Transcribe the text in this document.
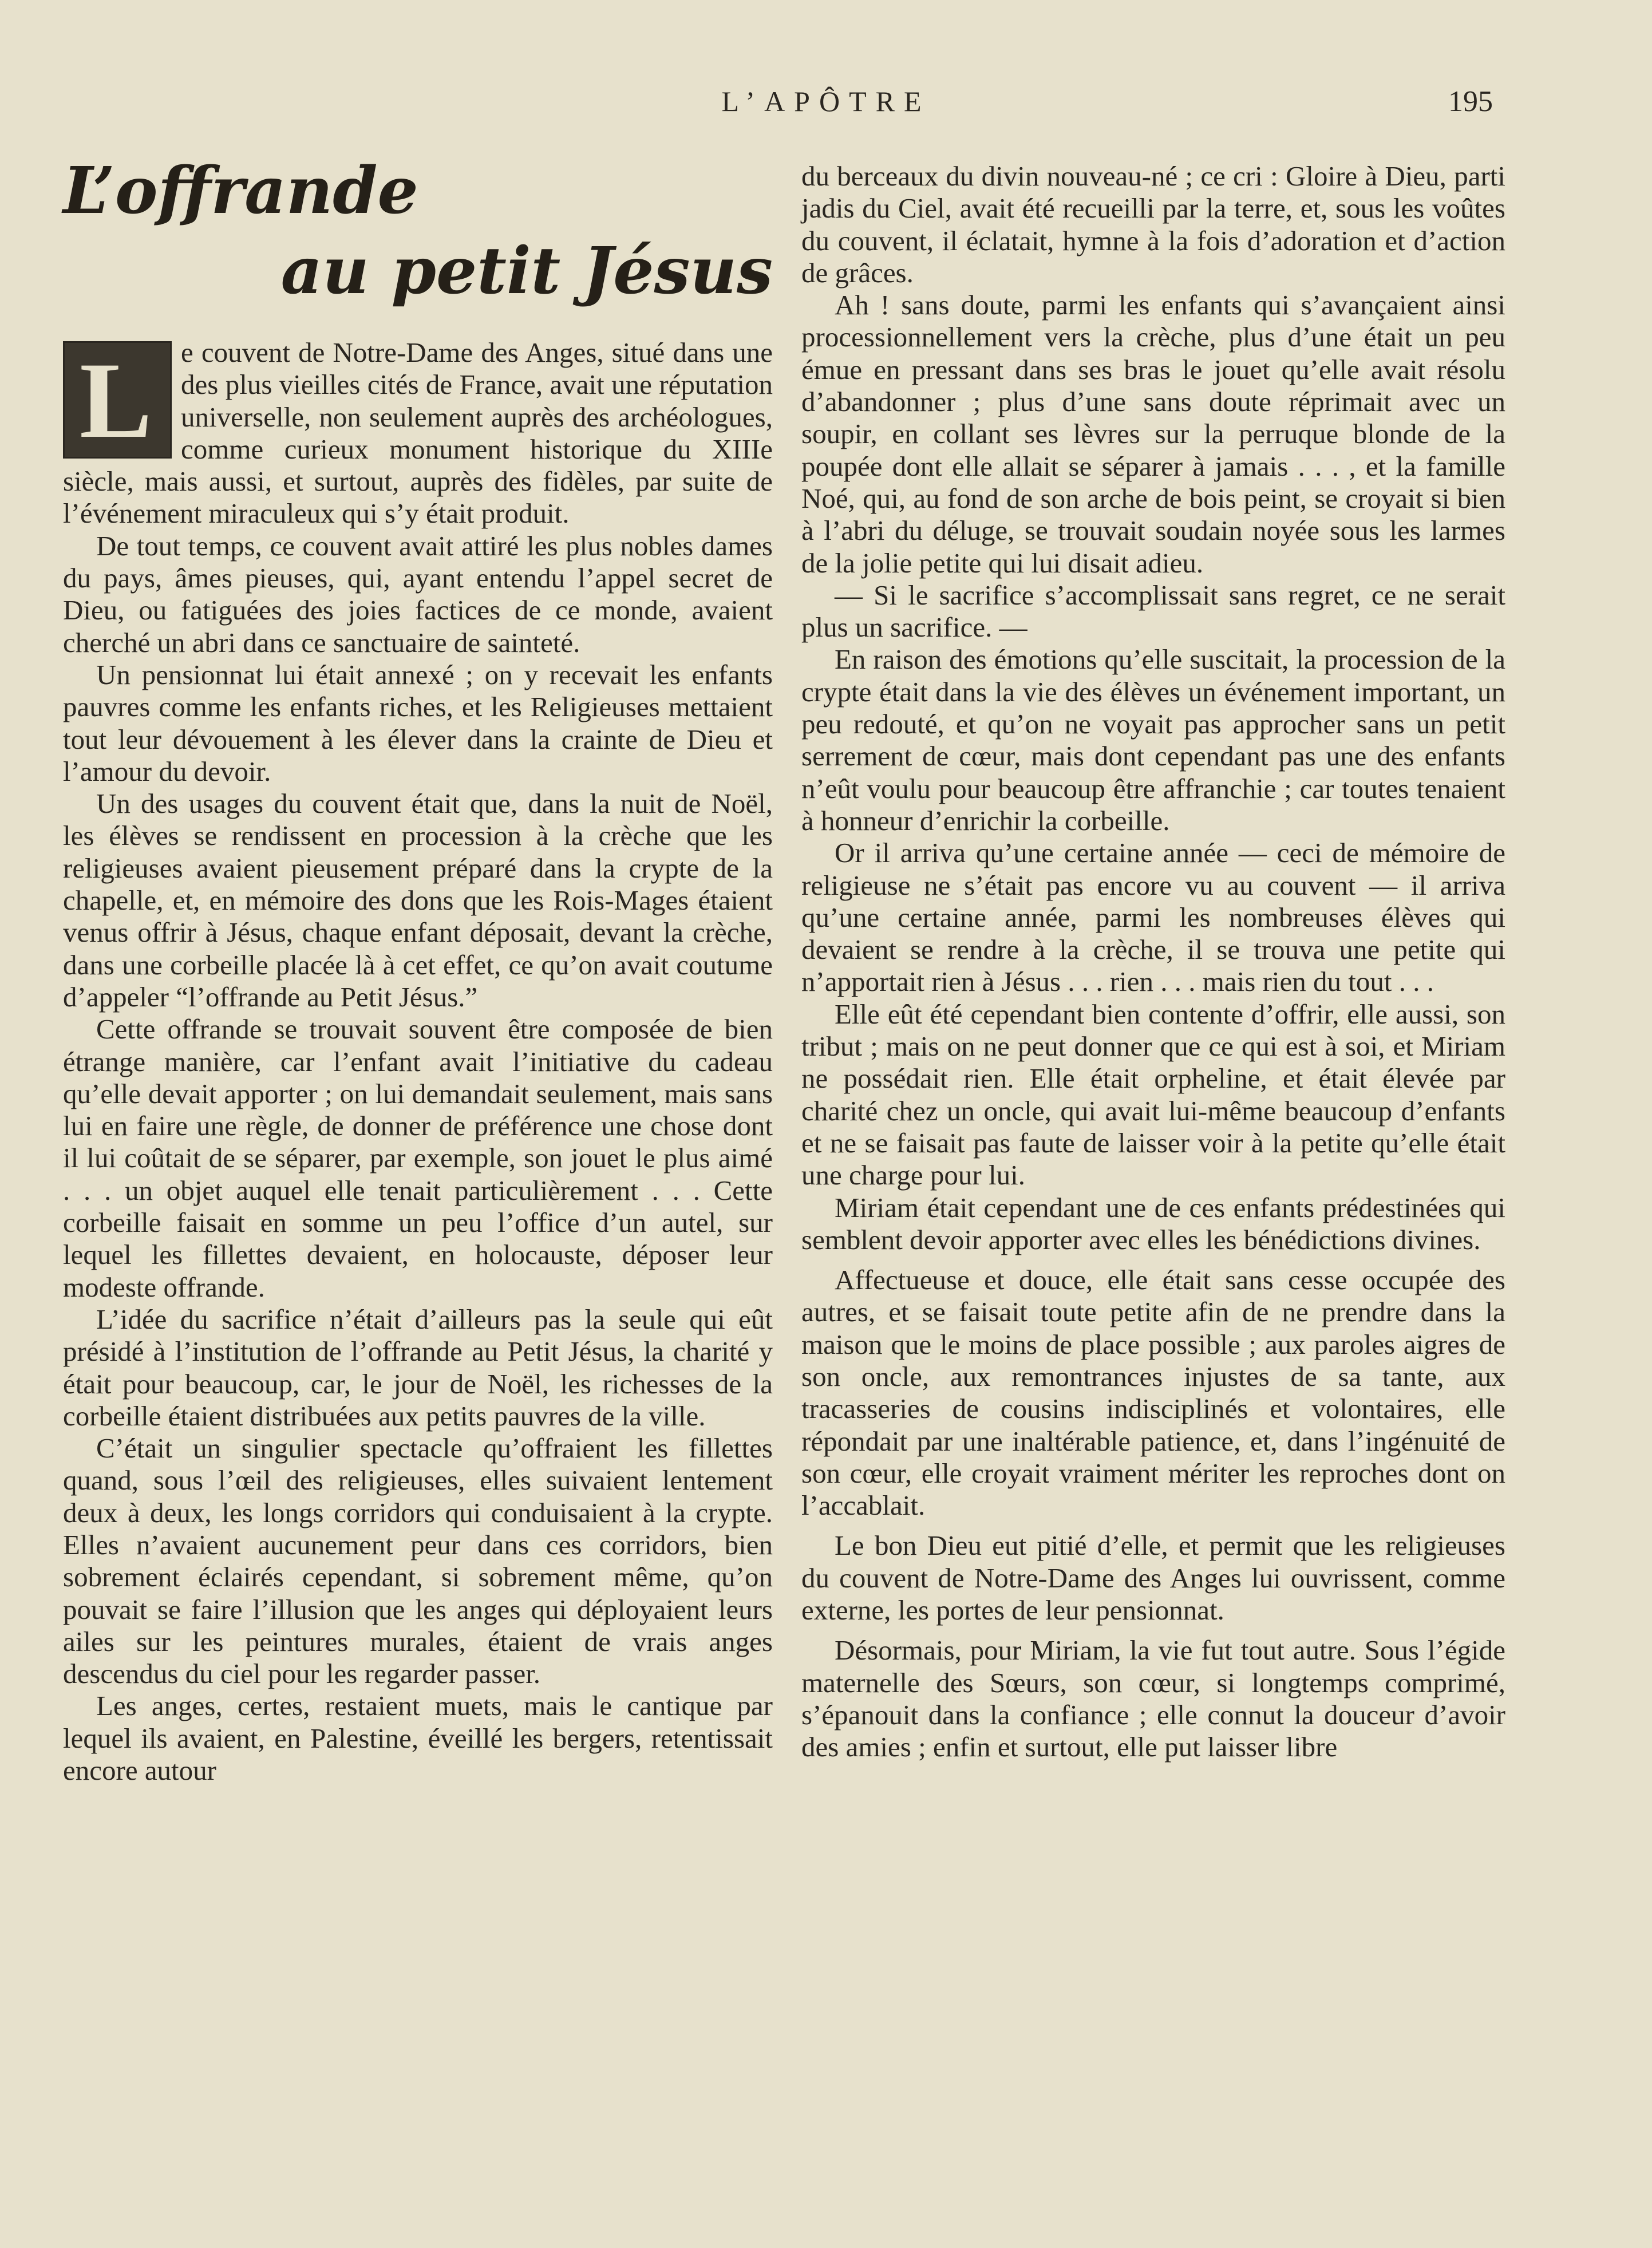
L’APÔTRE	195
L’offrande
au petit Jésus

L e couvent de Notre-Dame des Anges, situé dans une des plus vieilles cités de France, avait une réputation universelle, non seulement auprès des archéologues, comme curieux monument historique du XIIIe siècle, mais aussi, et surtout, auprès des fidèles, par suite de l’événement miraculeux qui s’y était produit.

De tout temps, ce couvent avait attiré les plus nobles dames du pays, âmes pieuses, qui, ayant entendu l’appel secret de Dieu, ou fatiguées des joies factices de ce monde, avaient cherché un abri dans ce sanctuaire de sainteté.

Un pensionnat lui était annexé ; on y recevait les enfants pauvres comme les enfants riches, et les Religieuses mettaient tout leur dévouement à les élever dans la crainte de Dieu et l’amour du devoir.

Un des usages du couvent était que, dans la nuit de Noël, les élèves se rendissent en procession à la crèche que les religieuses avaient pieusement préparé dans la crypte de la chapelle, et, en mémoire des dons que les Rois-Mages étaient venus offrir à Jésus, chaque enfant déposait, devant la crèche, dans une corbeille placée là à cet effet, ce qu’on avait coutume d’appeler “l’offrande au Petit Jésus.”

Cette offrande se trouvait souvent être composée de bien étrange manière, car l’enfant avait l’initiative du cadeau qu’elle devait apporter ; on lui demandait seulement, mais sans lui en faire une règle, de donner de préférence une chose dont il lui coûtait de se séparer, par exemple, son jouet le plus aimé . . . un objet auquel elle tenait particulièrement . . . Cette corbeille faisait en somme un peu l’office d’un autel, sur lequel les fillettes devaient, en holocauste, déposer leur modeste offrande.

L’idée du sacrifice n’était d’ailleurs pas la seule qui eût présidé à l’institution de l’offrande au Petit Jésus, la charité y était pour beaucoup, car, le jour de Noël, les richesses de la corbeille étaient distribuées aux petits pauvres de la ville.

C’était un singulier spectacle qu’offraient les fillettes quand, sous l’œil des religieuses, elles suivaient lentement deux à deux, les longs corridors qui conduisaient à la crypte. Elles n’avaient aucunement peur dans ces corridors, bien sobrement éclairés cependant, si sobrement même, qu’on pouvait se faire l’illusion que les anges qui déployaient leurs ailes sur les peintures murales, étaient de vrais anges descendus du ciel pour les regarder passer.

Les anges, certes, restaient muets, mais le cantique par lequel ils avaient, en Palestine, éveillé les bergers, retentissait encore autour

du berceaux du divin nouveau-né ; ce cri : Gloire à Dieu, parti jadis du Ciel, avait été recueilli par la terre, et, sous les voûtes du couvent, il éclatait, hymne à la fois d’adoration et d’action de grâces.

Ah ! sans doute, parmi les enfants qui s’avançaient ainsi processionnellement vers la crèche, plus d’une était un peu émue en pressant dans ses bras le jouet qu’elle avait résolu d’abandonner ; plus d’une sans doute réprimait avec un soupir, en collant ses lèvres sur la perruque blonde de la poupée dont elle allait se séparer à jamais . . . , et la famille Noé, qui, au fond de son arche de bois peint, se croyait si bien à l’abri du déluge, se trouvait soudain noyée sous les larmes de la jolie petite qui lui disait adieu.

— Si le sacrifice s’accomplissait sans regret, ce ne serait plus un sacrifice. —

En raison des émotions qu’elle suscitait, la procession de la crypte était dans la vie des élèves un événement important, un peu redouté, et qu’on ne voyait pas approcher sans un petit serrement de cœur, mais dont cependant pas une des enfants n’eût voulu pour beaucoup être affranchie ; car toutes tenaient à honneur d’enrichir la corbeille.

Or il arriva qu’une certaine année — ceci de mémoire de religieuse ne s’était pas encore vu au couvent — il arriva qu’une certaine année, parmi les nombreuses élèves qui devaient se rendre à la crèche, il se trouva une petite qui n’apportait rien à Jésus . . . rien . . . mais rien du tout . . .

Elle eût été cependant bien contente d’offrir, elle aussi, son tribut ; mais on ne peut donner que ce qui est à soi, et Miriam ne possédait rien. Elle était orpheline, et était élevée par charité chez un oncle, qui avait lui-même beaucoup d’enfants et ne se faisait pas faute de laisser voir à la petite qu’elle était une charge pour lui.

Miriam était cependant une de ces enfants prédestinées qui semblent devoir apporter avec elles les bénédictions divines.

Affectueuse et douce, elle était sans cesse occupée des autres, et se faisait toute petite afin de ne prendre dans la maison que le moins de place possible ; aux paroles aigres de son oncle, aux remontrances injustes de sa tante, aux tracasseries de cousins indisciplinés et volontaires, elle répondait par une inaltérable patience, et, dans l’ingénuité de son cœur, elle croyait vraiment mériter les reproches dont on l’accablait.

Le bon Dieu eut pitié d’elle, et permit que les religieuses du couvent de Notre-Dame des Anges lui ouvrissent, comme externe, les portes de leur pensionnat.

Désormais, pour Miriam, la vie fut tout autre. Sous l’égide maternelle des Sœurs, son cœur, si longtemps comprimé, s’épanouit dans la confiance ; elle connut la douceur d’avoir des amies ; enfin et surtout, elle put laisser libre
